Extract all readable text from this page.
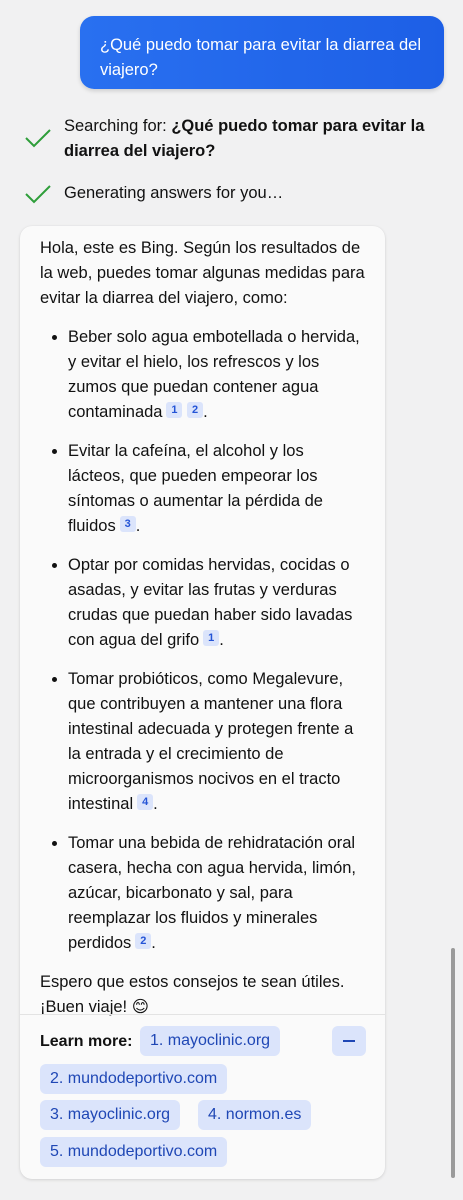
¿Qué puedo tomar para evitar la diarrea del viajero?
Searching for: ¿Qué puedo tomar para evitar la diarrea del viajero?
Generating answers for you…

Hola, este es Bing. Según los resultados de la web, puedes tomar algunas medidas para evitar la diarrea del viajero, como:

• Beber solo agua embotellada o hervida, y evitar el hielo, los refrescos y los zumos que puedan contener agua contaminada 1 2 .
• Evitar la cafeína, el alcohol y los lácteos, que pueden empeorar los síntomas o aumentar la pérdida de fluidos 3 .
• Optar por comidas hervidas, cocidas o asadas, y evitar las frutas y verduras crudas que puedan haber sido lavadas con agua del grifo 1 .
• Tomar probióticos, como Megalevure, que contribuyen a mantener una flora intestinal adecuada y protegen frente a la entrada y el crecimiento de microorganismos nocivos en el tracto intestinal 4 .
• Tomar una bebida de rehidratación oral casera, hecha con agua hervida, limón, azúcar, bicarbonato y sal, para reemplazar los fluidos y minerales perdidos 2 .

Espero que estos consejos te sean útiles. ¡Buen viaje! 😊

Learn more:	1. mayoclinic.org
2. mundodeportivo.com
3. mayoclinic.org	4. normon.es
5. mundodeportivo.com
